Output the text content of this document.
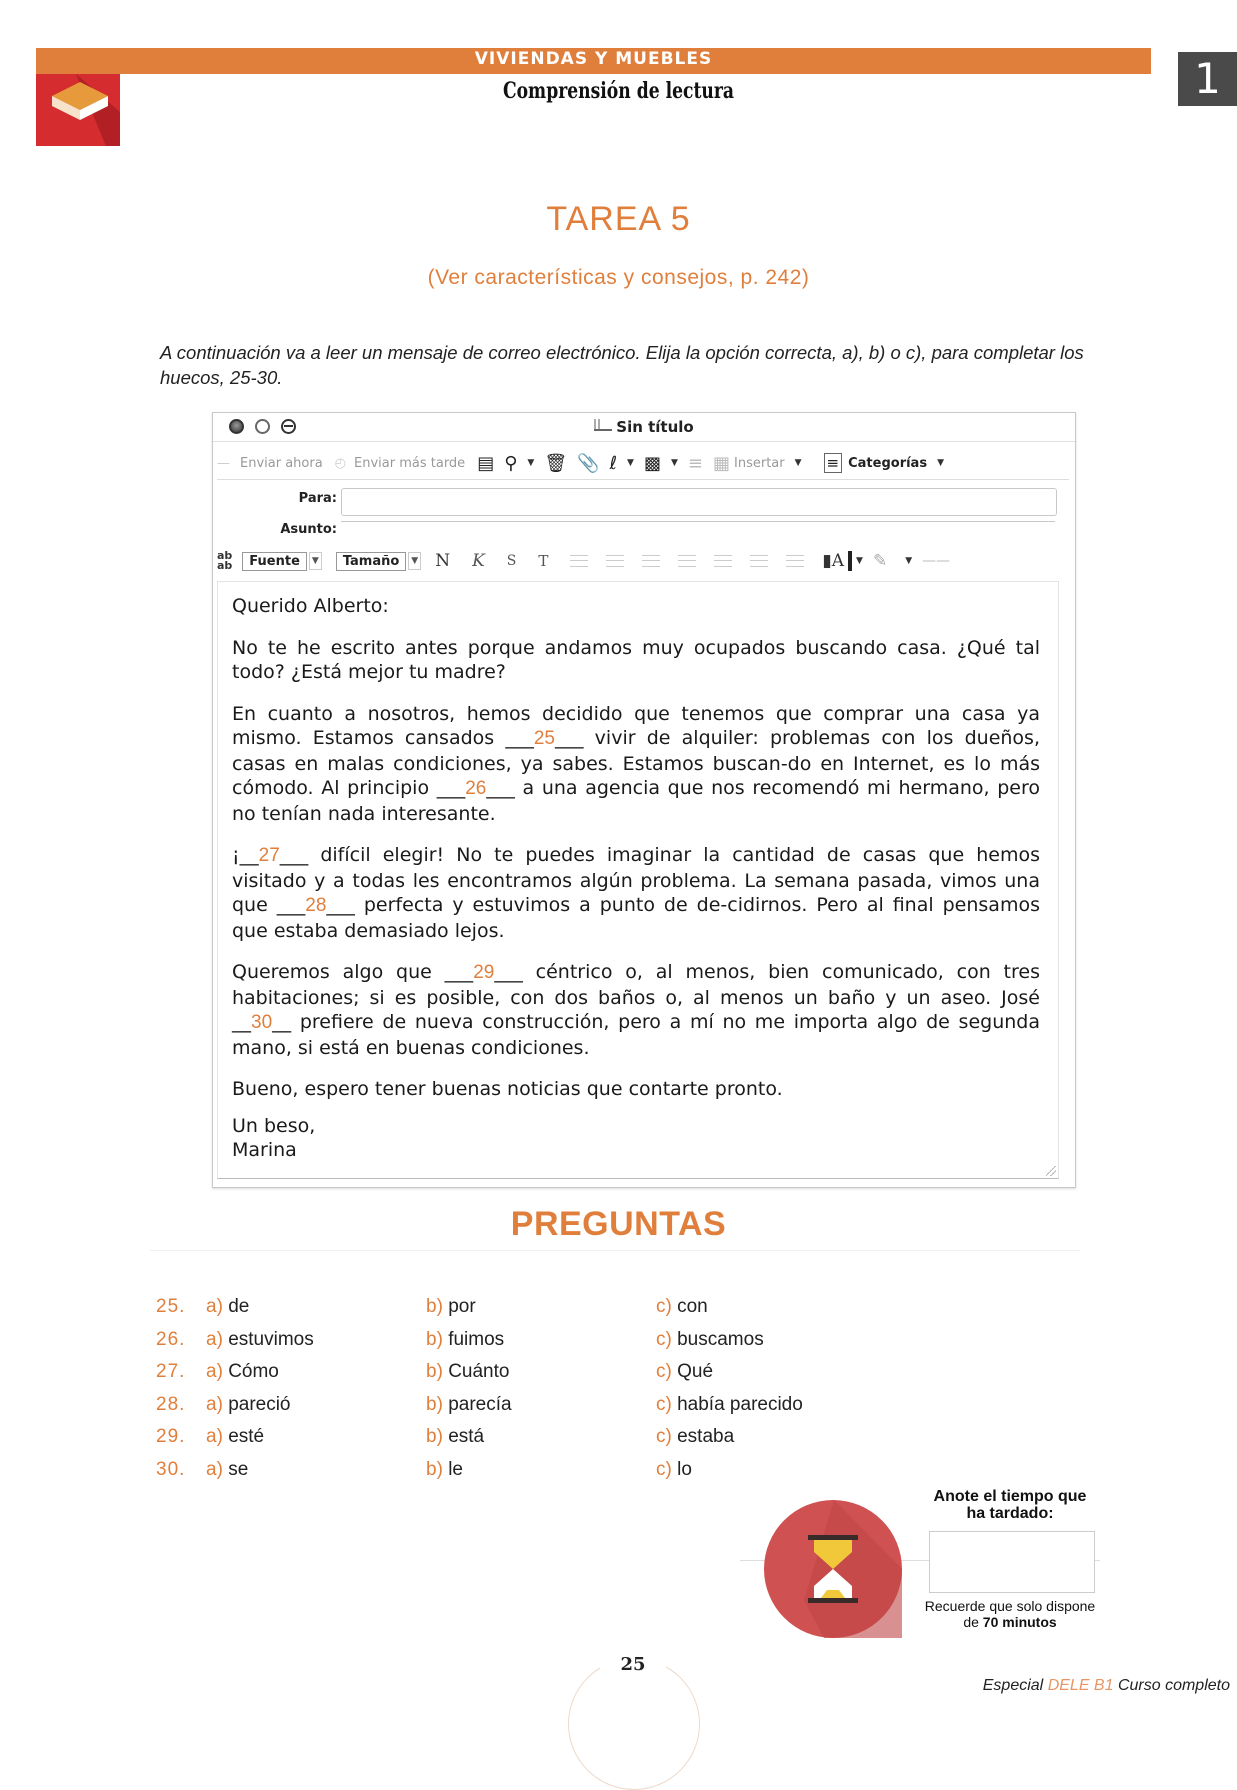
VIVIENDAS Y MUEBLES
Comprensión de lectura	1
TAREA 5
(Ver características y consejos, p. 242)
A continuación va a leer un mensaje de correo electrónico. Elija la opción correcta, a), b) o c), para completar los huecos, 25-30.
Sin título
— Enviar ahora ◴ Enviar más tarde ▤ ⚲ ▼ 🗑 📎 ℓ ▼ ▩ ▼ ≡ ▦ Insertar ▼ ≡ Categorías ▼
Para:
Asunto:
ab
ab	Fuente	▼	Tamaño	▼ N K S T	▮A ▼ ✎ ▼ ——

Querido Alberto:

No te he escrito antes porque andamos muy ocupados buscando casa. ¿Qué tal todo? ¿Está mejor tu madre?

En cuanto a nosotros, hemos decidido que tenemos que comprar una casa ya mismo. Estamos cansados ___25___ vivir de alquiler: problemas con los dueños, casas en malas condiciones, ya sabes. Estamos buscan-do en Internet, es lo más cómodo. Al principio ___26___ a una agencia que nos recomendó mi hermano, pero no tenían nada interesante.

¡__27___ difícil elegir! No te puedes imaginar la cantidad de casas que hemos visitado y a todas les encontramos algún problema. La semana pasada, vimos una que ___28___ perfecta y estuvimos a punto de de-cidirnos. Pero al final pensamos que estaba demasiado lejos.

Queremos algo que ___29___ céntrico o, al menos, bien comunicado, con tres habitaciones; si es posible, con dos baños o, al menos un baño y un aseo. José __30__ prefiere de nueva construcción, pero a mí no me importa algo de segunda mano, si está en buenas condiciones.

Bueno, espero tener buenas noticias que contarte pronto.

Un beso,

Marina

PREGUNTAS
25. a) de	b) por	c) con
26. a) estuvimos	b) fuimos	c) buscamos
27. a) Cómo	b) Cuánto	c) Qué
28. a) pareció	b) parecía	c) había parecido
29. a) esté	b) está	c) estaba
30. a) se	b) le	c) lo
Anote el tiempo que ha tardado:
Recuerde que solo dispone de 70 minutos
25
Especial DELE B1 Curso completo
